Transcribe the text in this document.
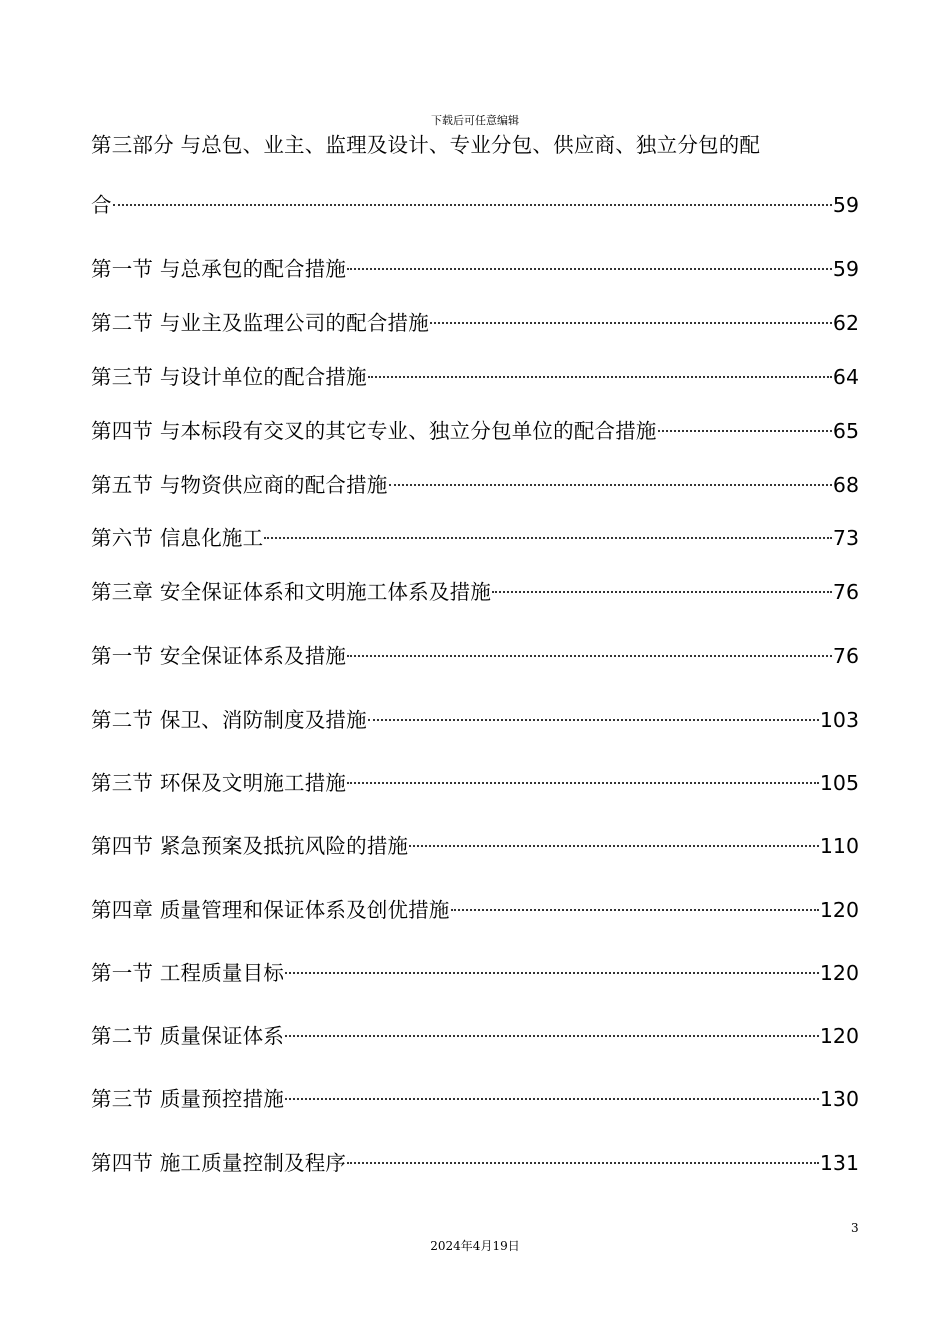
下载后可任意编辑
第三部分 与总包、业主、监理及设计、专业分包、供应商、独立分包的配
合	59
第一节 与总承包的配合措施	59
第二节 与业主及监理公司的配合措施	62
第三节 与设计单位的配合措施	64
第四节 与本标段有交叉的其它专业、独立分包单位的配合措施	65
第五节 与物资供应商的配合措施	68
第六节 信息化施工	73
第三章 安全保证体系和文明施工体系及措施	76
第一节 安全保证体系及措施	76
第二节 保卫、消防制度及措施	103
第三节 环保及文明施工措施	105
第四节 紧急预案及抵抗风险的措施	110
第四章 质量管理和保证体系及创优措施	120
第一节 工程质量目标	120
第二节 质量保证体系	120
第三节 质量预控措施	130
第四节 施工质量控制及程序	131
3
2024年4月19日
